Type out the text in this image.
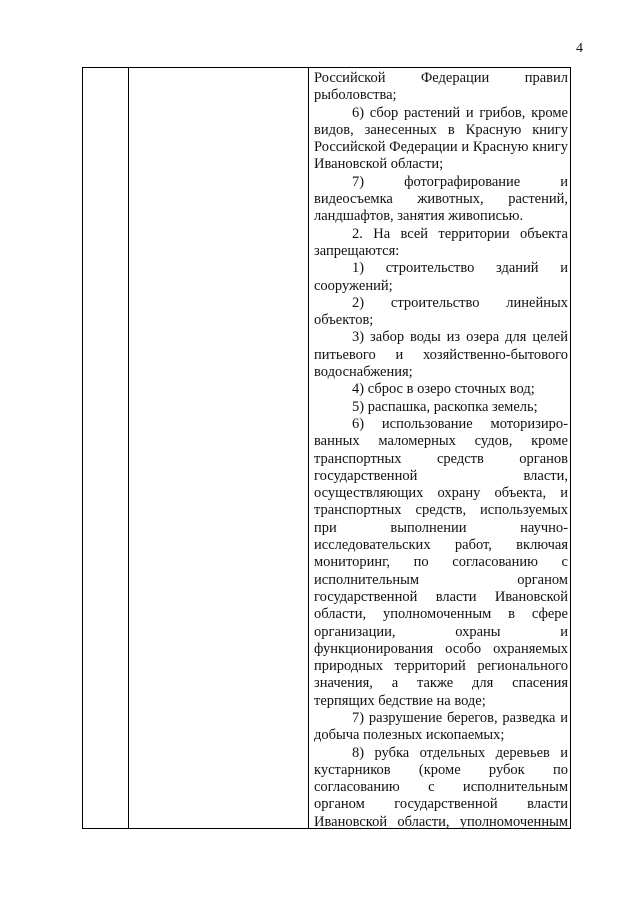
4

Российской Федерации правил рыболовства;

6) сбор растений и грибов, кроме видов, занесенных в Красную книгу Российской Федерации и Красную книгу Ивановской области;

7) фотографирование и видеосъемка животных, растений, ландшафтов, занятия живописью.

2. На всей территории объекта запрещаются:

1) строительство зданий и сооружений;

2) строительство линейных объектов;

3) забор воды из озера для целей питьевого и хозяйственно-бытового водоснабжения;

4) сброс в озеро сточных вод;

5) распашка, раскопка земель;

6) использование моторизиро-ванных маломерных судов, кроме транспортных средств органов государственной власти, осуществляющих охрану объекта, и транспортных средств, используемых при выполнении научно-исследовательских работ, включая мониторинг, по согласованию с исполнительным органом государственной власти Ивановской области, уполномоченным в сфере организации, охраны и функционирования особо охраняемых природных территорий регионального значения, а также для спасения терпящих бедствие на воде;

7) разрушение берегов, разведка и добыча полезных ископаемых;

8) рубка отдельных деревьев и кустарников (кроме рубок по согласованию с исполнительным органом государственной власти Ивановской области, уполномоченным
